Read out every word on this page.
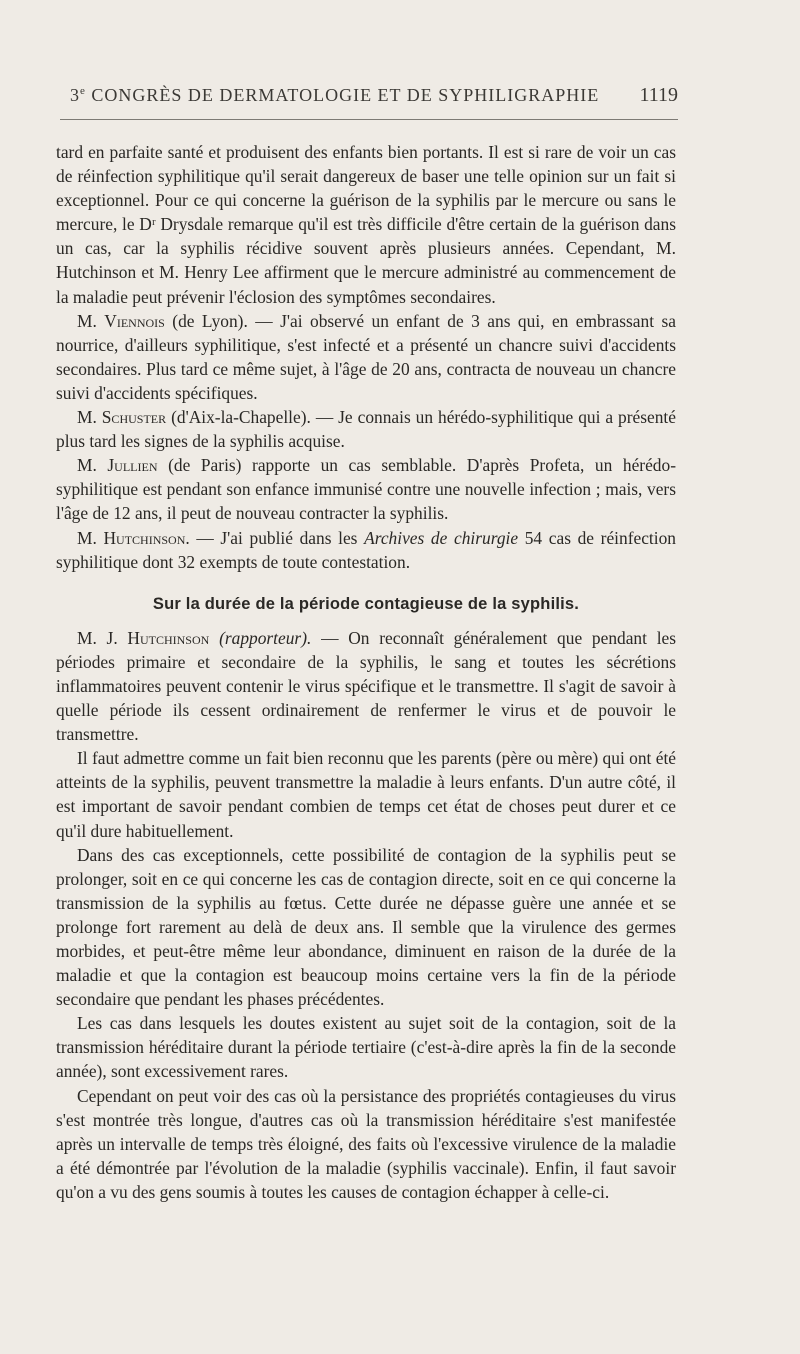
3e CONGRÈS DE DERMATOLOGIE ET DE SYPHILIGRAPHIE 1119

tard en parfaite santé et produisent des enfants bien portants. Il est si rare de voir un cas de réinfection syphilitique qu'il serait dangereux de baser une telle opinion sur un fait si exceptionnel. Pour ce qui concerne la guérison de la syphilis par le mercure ou sans le mercure, le Dʳ Drysdale remarque qu'il est très difficile d'être certain de la guérison dans un cas, car la syphilis récidive souvent après plusieurs années. Cependant, M. Hutchinson et M. Henry Lee affirment que le mercure administré au commencement de la maladie peut prévenir l'éclosion des symptômes secondaires.

M. Viennois (de Lyon). — J'ai observé un enfant de 3 ans qui, en embrassant sa nourrice, d'ailleurs syphilitique, s'est infecté et a présenté un chancre suivi d'accidents secondaires. Plus tard ce même sujet, à l'âge de 20 ans, contracta de nouveau un chancre suivi d'accidents spécifiques.

M. Schuster (d'Aix-la-Chapelle). — Je connais un hérédo-syphilitique qui a présenté plus tard les signes de la syphilis acquise.

M. Jullien (de Paris) rapporte un cas semblable. D'après Profeta, un hérédo-syphilitique est pendant son enfance immunisé contre une nouvelle infection ; mais, vers l'âge de 12 ans, il peut de nouveau contracter la syphilis.

M. Hutchinson. — J'ai publié dans les Archives de chirurgie 54 cas de réinfection syphilitique dont 32 exempts de toute contestation.

Sur la durée de la période contagieuse de la syphilis.

M. J. Hutchinson (rapporteur). — On reconnaît généralement que pendant les périodes primaire et secondaire de la syphilis, le sang et toutes les sécrétions inflammatoires peuvent contenir le virus spécifique et le transmettre. Il s'agit de savoir à quelle période ils cessent ordinairement de renfermer le virus et de pouvoir le transmettre.

Il faut admettre comme un fait bien reconnu que les parents (père ou mère) qui ont été atteints de la syphilis, peuvent transmettre la maladie à leurs enfants. D'un autre côté, il est important de savoir pendant combien de temps cet état de choses peut durer et ce qu'il dure habituellement.

Dans des cas exceptionnels, cette possibilité de contagion de la syphilis peut se prolonger, soit en ce qui concerne les cas de contagion directe, soit en ce qui concerne la transmission de la syphilis au fœtus. Cette durée ne dépasse guère une année et se prolonge fort rarement au delà de deux ans. Il semble que la virulence des germes morbides, et peut-être même leur abondance, diminuent en raison de la durée de la maladie et que la contagion est beaucoup moins certaine vers la fin de la période secondaire que pendant les phases précédentes.

Les cas dans lesquels les doutes existent au sujet soit de la contagion, soit de la transmission héréditaire durant la période tertiaire (c'est-à-dire après la fin de la seconde année), sont excessivement rares.

Cependant on peut voir des cas où la persistance des propriétés contagieuses du virus s'est montrée très longue, d'autres cas où la transmission héréditaire s'est manifestée après un intervalle de temps très éloigné, des faits où l'excessive virulence de la maladie a été démontrée par l'évolution de la maladie (syphilis vaccinale). Enfin, il faut savoir qu'on a vu des gens soumis à toutes les causes de contagion échapper à celle-ci.
